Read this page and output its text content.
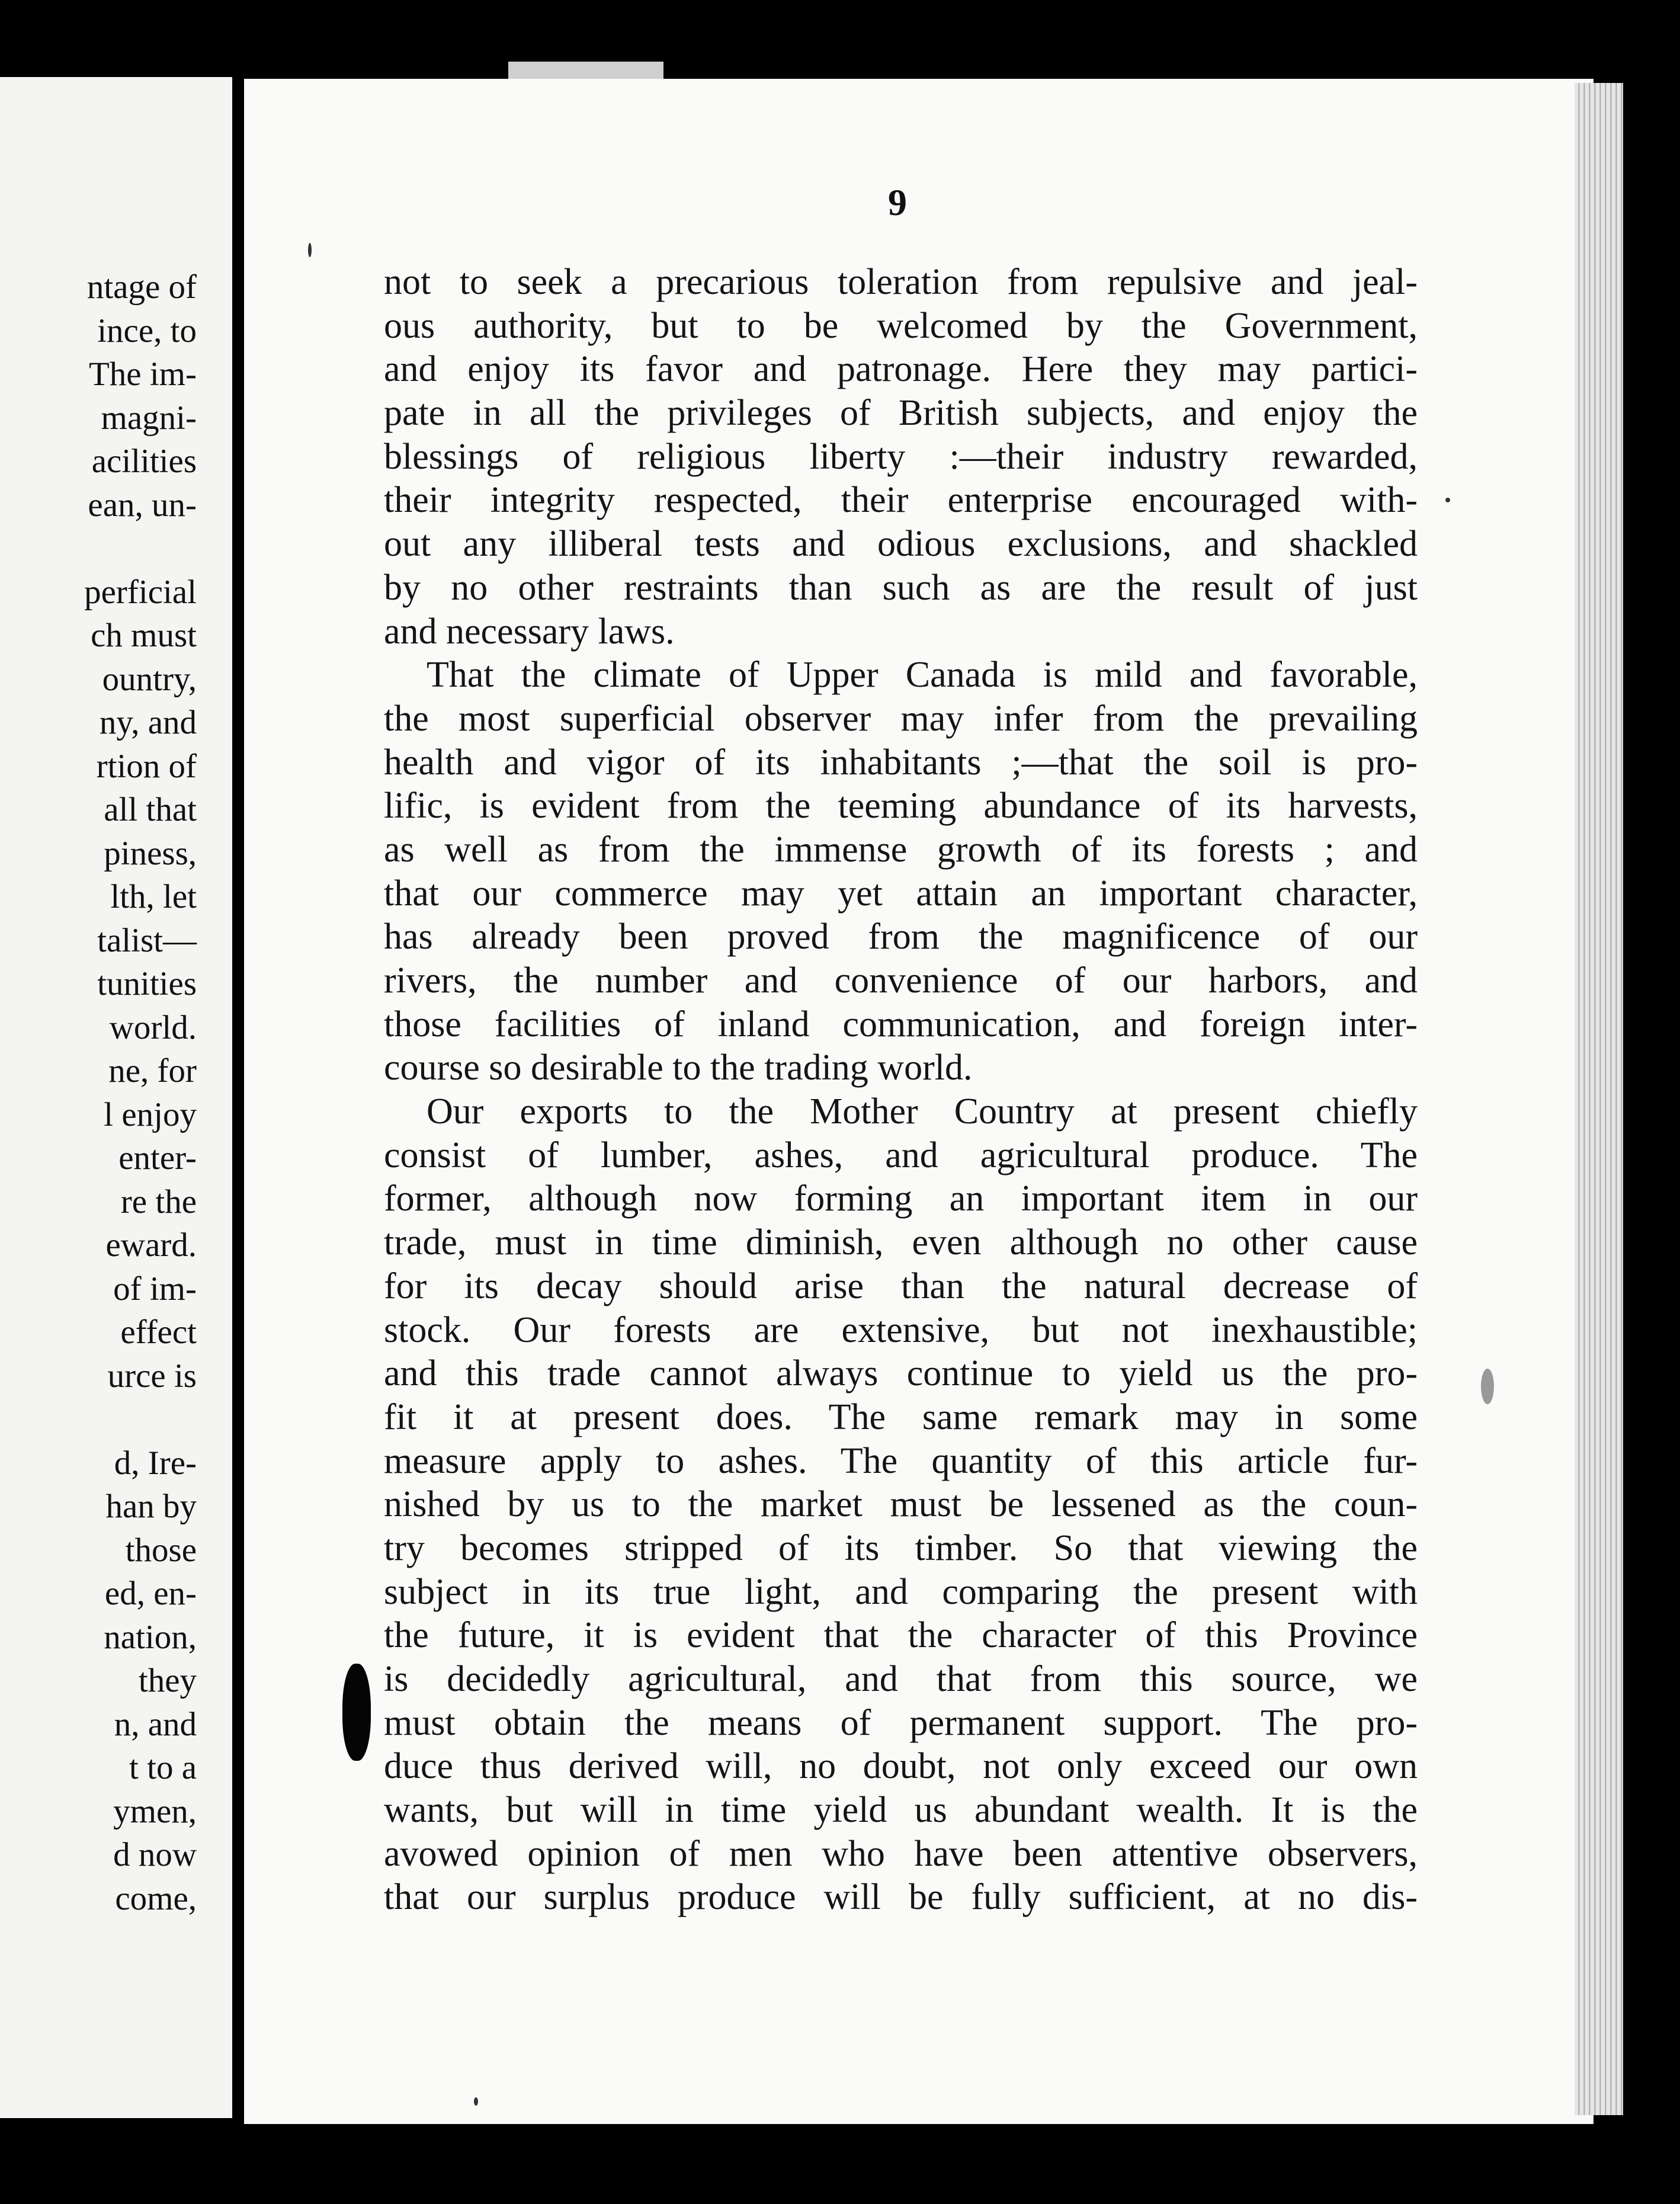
ntage of
ince, to
The im-
magni-
acilities
ean, un-
perficial
ch must
ountry,
ny, and
rtion of
all that
piness,
lth, let
talist—
tunities
world.
ne, for
l enjoy
enter-
re the
eward.
of im-
effect
urce is
d, Ire-
han by
those
ed, en-
nation,
they
n, and
t to a
ymen,
d now
come,
9
not to seek a precarious toleration from repulsive and jeal-
ous authority, but to be welcomed by the Government,
and enjoy its favor and patronage. Here they may partici-
pate in all the privileges of British subjects, and enjoy the
blessings of religious liberty :—their industry rewarded,
their integrity respected, their enterprise encouraged with-
out any illiberal tests and odious exclusions, and shackled
by no other restraints than such as are the result of just
and necessary laws.
That the climate of Upper Canada is mild and favorable,
the most superficial observer may infer from the prevailing
health and vigor of its inhabitants ;—that the soil is pro-
lific, is evident from the teeming abundance of its harvests,
as well as from the immense growth of its forests ; and
that our commerce may yet attain an important character,
has already been proved from the magnificence of our
rivers, the number and convenience of our harbors, and
those facilities of inland communication, and foreign inter-
course so desirable to the trading world.
Our exports to the Mother Country at present chiefly
consist of lumber, ashes, and agricultural produce. The
former, although now forming an important item in our
trade, must in time diminish, even although no other cause
for its decay should arise than the natural decrease of
stock. Our forests are extensive, but not inexhaustible;
and this trade cannot always continue to yield us the pro-
fit it at present does. The same remark may in some
measure apply to ashes. The quantity of this article fur-
nished by us to the market must be lessened as the coun-
try becomes stripped of its timber. So that viewing the
subject in its true light, and comparing the present with
the future, it is evident that the character of this Province
is decidedly agricultural, and that from this source, we
must obtain the means of permanent support. The pro-
duce thus derived will, no doubt, not only exceed our own
wants, but will in time yield us abundant wealth. It is the
avowed opinion of men who have been attentive observers,
that our surplus produce will be fully sufficient, at no dis-
